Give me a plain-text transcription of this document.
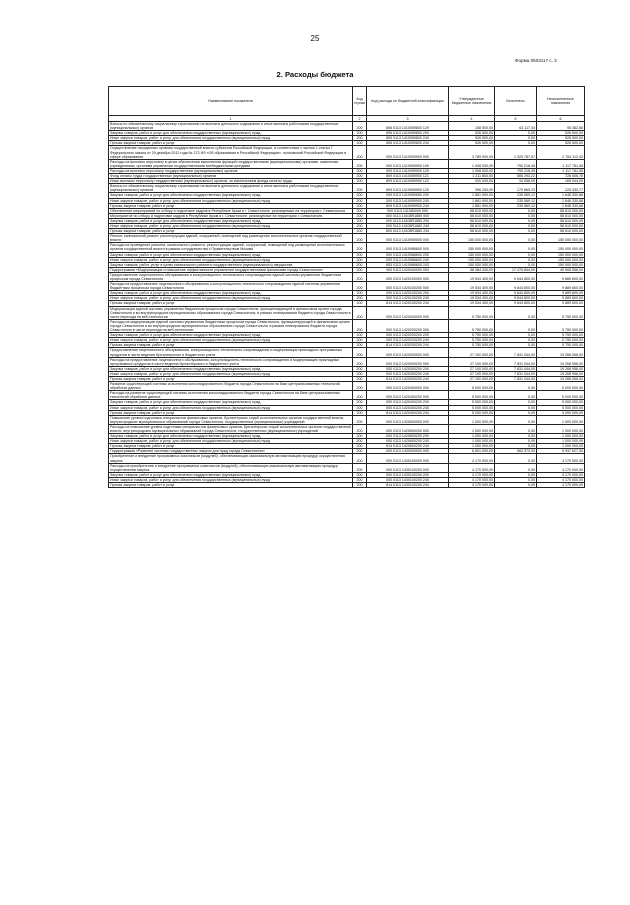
25
Форма 0503117 с. 2
2. Расходы бюджета
Наименование показателя	Код строки	Код расхода по бюджетной классификации	Утвержденные бюджетные назначения	Исполнено	Неисполненные назначения
1	2	3	4	5	6
Взносы по обязательному социальному страхованию на выплаты денежного содержания и иные выплаты работникам государственных (муниципальных) органов	200	806 0113 1410059800 129	158 500,00	63 117,34	95 382,66
Закупка товаров, работ и услуг для обеспечения государственных (муниципальных) нужд	200	806 0113 1410059800 200	526 500,00	0,00	526 500,00
Иные закупки товаров, работ и услуг для обеспечения государственных (муниципальных) нужд	200	806 0113 1410059800 240	526 500,00	0,00	526 500,00
Прочая закупка товаров, работ и услуг	200	806 0113 1410059800 244	526 500,00	0,00	526 500,00
Осуществление переданных органам государственной власти субъектов Российской Федерации, в соответствии с частью 1 статьи 7 Федерального закона от 29 декабря 2012 года № 273-ФЗ «Об образовании в Российской Федерации», полномочий Российской Федерации в сфере образования	200	000 0113 1410059900 000	3 789 900,00	1 025 787,57	2 764 112,43
Расходы на выплаты персоналу в целях обеспечения выполнения функций государственными (муниципальными) органами, казенными учреждениями, органами управления государственными внебюджетными фондами	200	000 0113 1410059900 100	1 908 000,00	790 218,45	1 117 781,55
Расходы на выплаты персоналу государственных (муниципальных) органов	200	000 0113 1410059900 120	1 908 000,00	790 218,45	1 117 781,55
Фонд оплаты труда государственных (муниципальных) органов	200	809 0113 1410059900 121	1 311 800,00	585 293,22	726 506,78
Иные выплаты персоналу государственных (муниципальных) органов, за исключением фонда оплаты труда	200	809 0113 1410059900 122	200 000,00	34 056,00	165 944,00
Взносы по обязательному социальному страхованию на выплаты денежного содержания и иные выплаты работникам государственных (муниципальных) органов	200	809 0113 1410059900 129	396 200,00	170 869,23	225 330,77
Закупка товаров, работ и услуг для обеспечения государственных (муниципальных) нужд	200	000 0113 1410059900 200	1 881 900,00	235 569,12	1 646 330,88
Иные закупки товаров, работ и услуг для обеспечения государственных (муниципальных) нужд	200	000 0113 1410059900 240	1 881 900,00	235 569,12	1 646 330,88
Прочая закупка товаров, работ и услуг	200	809 0113 1410059900 244	1 881 900,00	235 569,12	1 646 330,88
Обеспечение мероприятий по отбору и подготовке кадров в Республике Крым и г. Севастополе, реализуемые на территории г. Севастополя	200	000 0113 141080000 000	58 610 000,00	0,00	58 610 000,00
Мероприятие по отбору и подготовке кадров в Республике Крым и г. Севастополе, реализуемые на территории г. Севастополя	200	000 0113 14108R1880 000	58 610 000,00	0,00	58 610 000,00
Закупка товаров, работ и услуг для обеспечения государственных (муниципальных) нужд	200	000 0113 14108R1880 200	58 610 000,00	0,00	58 610 000,00
Иные закупки товаров, работ и услуг для обеспечения государственных (муниципальных) нужд	200	000 0113 14108R1880 240	58 610 000,00	0,00	58 610 000,00
Прочая закупка товаров, работ и услуг	200	853 0113 14108R1880 244	58 610 000,00	0,00	58 610 000,00
Ремонт, капитальный ремонт, реконструкция зданий, сооружений, помещений под размещение исполнительных органов государственной власти	200	000 0113 1410900000 000	150 000 000,00	0,00	150 000 000,00
Расходы на проведение ремонта, капитального ремонта, реконструкции зданий, сооружений, помещений под размещение исполнительных органов государственной власти в рамках сотрудничества с Правительством Москвы	200	000 0113 1410986600 000	150 000 000,00	0,00	150 000 000,00
Закупка товаров, работ и услуг для обеспечения государственных (муниципальных) нужд	200	000 0113 1410986600 200	150 000 000,00	0,00	150 000 000,00
Иные закупки товаров, работ и услуг для обеспечения государственных (муниципальных) нужд	200	000 0113 1410986600 240	150 000 000,00	0,00	150 000 000,00
Закупка товаров, работ, услуг в целях капитального ремонта государственного (муниципального) имущества	200	853 0113 1410986600 243	150 000 000,00	0,00	150 000 000,00
Подпрограмма «Модернизация и повышение эффективности управления государственными финансами города Севастополя»	200	000 0113 1420000000 000	58 384 430,00	17 475 844,00	40 908 556,00
Предоставление лицензионного обслуживания и консультационно-технического сопровождения единой системы управления бюджетным процессом города Севастополя	200	000 0113 1420100000 000	19 534 400,00	9 644 800,00	9 889 600,00
Расходы на предоставление лицензионного обслуживания и консультационно-технического сопровождения единой системы управления бюджетным процессом города Севастополя	200	000 0113 1420100200 000	19 534 400,00	9 644 800,00	9 889 600,00
Закупка товаров, работ и услуг для обеспечения государственных (муниципальных) нужд	200	000 0113 1420100200 200	19 534 400,00	9 644 800,00	9 889 600,00
Иные закупки товаров, работ и услуг для обеспечения государственных (муниципальных) нужд	200	000 0113 1420100200 240	19 534 400,00	9 644 800,00	9 889 600,00
Прочая закупка товаров, работ и услуг	200	814 0113 1420100200 244	19 534 400,00	9 644 800,00	9 889 600,00
Модернизация единой системы управления бюджетным процессом города Севастополя, функционирующей в финансовом органе города Севастополя и во внутригородских муниципальных образованиях города Севастополя, в рамках планирования бюджета города Севастополя в части перехода на веб-технологии	200	000 0113 1420200000 000	5 750 000,00	0,00	5 750 000,00
Расходы на модернизацию единой системы управления бюджетным процессом города Севастополя, функционирующей в финансовом органе города Севастополя и во внутригородских муниципальных образованиях города Севастополя, в рамках планирования бюджета города Севастополя в части перехода на веб-технологии	200	000 0113 1420200200 000	5 750 000,00	0,00	5 750 000,00
Закупка товаров, работ и услуг для обеспечения государственных (муниципальных) нужд	200	000 0113 1420200200 200	5 750 000,00	0,00	5 750 000,00
Иные закупки товаров, работ и услуг для обеспечения государственных (муниципальных) нужд	200	000 0113 1420200200 240	5 750 000,00	0,00	5 750 000,00
Прочая закупка товаров, работ и услуг	200	814 0113 1420200200 244	5 750 000,00	0,00	5 750 000,00
Предоставление лицензионного обслуживания, консультационно-технического сопровождения и модернизация прикладных программных продуктов в части ведения бухгалтерского и бюджетного учета	200	000 0113 1420300000 000	27 100 000,00	7 831 044,00	19 268 956,00
Расходы на предоставление лицензионного обслуживания, консультационно-технического сопровождения и модернизацию прикладных программных продуктов в части ведения бухгалтерского и бюджетного учета	200	000 0113 1420300200 000	27 100 000,00	7 831 044,00	19 268 956,00
Закупка товаров, работ и услуг для обеспечения государственных (муниципальных) нужд	200	000 0113 1420300200 200	27 100 000,00	7 831 044,00	19 268 956,00
Иные закупки товаров, работ и услуг для обеспечения государственных (муниципальных) нужд	200	000 0113 1420300200 240	27 100 000,00	7 831 044,00	19 268 956,00
Прочая закупка товаров, работ и услуг	200	814 0113 1420300200 244	27 100 000,00	7 831 044,00	19 268 956,00
Развитие существующей системы исполнения консолидированного бюджета города Севастополя на базе централизованных технологий обработки данных	200	000 0113 1420400000 000	5 000 000,00	0,00	5 000 000,00
Расходы на развитие существующей системы исполнения консолидированного бюджета города Севастополя на базе централизованных технологий обработки данных	200	000 0113 1420400200 000	5 000 000,00	0,00	5 000 000,00
Закупка товаров, работ и услуг для обеспечения государственных (муниципальных) нужд	200	000 0113 1420400200 200	5 000 000,00	0,00	5 000 000,00
Иные закупки товаров, работ и услуг для обеспечения государственных (муниципальных) нужд	200	000 0113 1420400200 240	5 000 000,00	0,00	5 000 000,00
Прочая закупка товаров, работ и услуг	200	814 0113 1420400200 244	5 000 000,00	0,00	5 000 000,00
Повышение уровня подготовки специалистов финансовых органов, бухгалтерских служб исполнительных органов государственной власти, внутригородских муниципальных образований города Севастополя, государственных (муниципальных) учреждений	200	000 0113 1420600000 000	1 000 000,00	0,00	1 000 000,00
Расходы на повышение уровня подготовки специалистов финансовых органов, бухгалтерских служб исполнительных органов государственной власти, внутригородских муниципальных образований города Севастополя, государственных (муниципальных) учреждений	200	000 0113 1420600200 000	1 000 000,00	0,00	1 000 000,00
Закупка товаров, работ и услуг для обеспечения государственных (муниципальных) нужд	200	000 0113 1420600200 200	1 000 000,00	0,00	1 000 000,00
Иные закупки товаров, работ и услуг для обеспечения государственных (муниципальных) нужд	200	000 0113 1420600200 240	1 000 000,00	0,00	1 000 000,00
Прочая закупка товаров, работ и услуг	200	814 0113 1420600200 244	1 000 000,00	0,00	1 000 000,00
Подпрограмма «Развитие системы государственных закупок для нужд города Севастополя»	200	000 0113 1430000000 000	6 601 000,00	663 373,00	5 937 627,00
Приобретение и внедрение программных комплексов (модулей), обеспечивающих максимальную автоматизацию процедур осуществления закупок	200	000 0113 1430100000 000	4 170 000,00	0,00	4 170 000,00
Расходы на приобретение и внедрение программных комплексов (модулей), обеспечивающих максимальную автоматизацию процедур осуществления закупок	200	000 0113 1430100200 000	4 170 000,00	0,00	4 170 000,00
Закупка товаров, работ и услуг для обеспечения государственных (муниципальных) нужд	200	000 0113 1430100200 200	4 170 000,00	0,00	4 170 000,00
Иные закупки товаров, работ и услуг для обеспечения государственных (муниципальных) нужд	200	000 0113 1430100200 240	4 170 000,00	0,00	4 170 000,00
Прочая закупка товаров, работ и услуг	200	814 0113 1430100200 244	4 170 000,00	0,00	4 170 000,00
